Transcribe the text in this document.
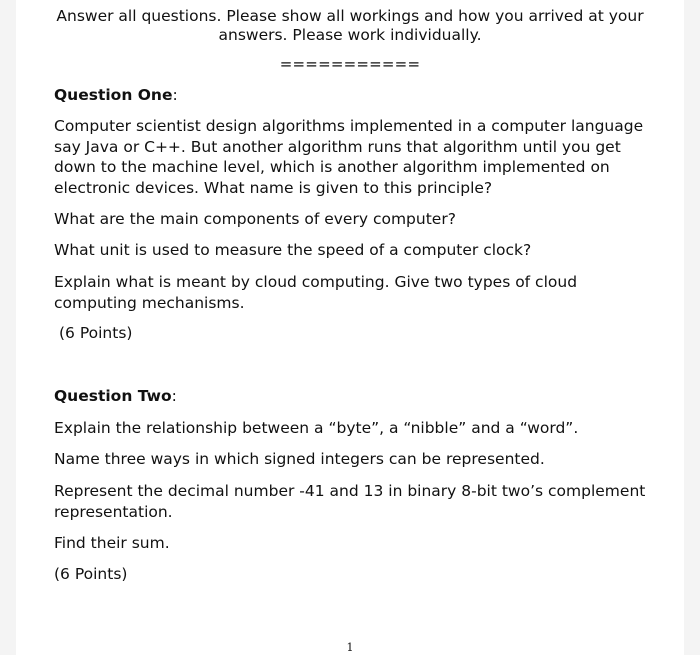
Answer all questions. Please show all workings and how you arrived at your
answers. Please work individually.
===========
Question One:
Computer scientist design algorithms implemented in a computer language say Java or C++. But another algorithm runs that algorithm until you get down to the machine level, which is another algorithm implemented on electronic devices. What name is given to this principle?
What are the main components of every computer?
What unit is used to measure the speed of a computer clock?
Explain what is meant by cloud computing. Give two types of cloud computing mechanisms.
(6 Points)
Question Two:
Explain the relationship between a “byte”, a “nibble” and a “word”.
Name three ways in which signed integers can be represented.
Represent the decimal number -41 and 13 in binary 8-bit two’s complement representation.
Find their sum.
(6 Points)
1
